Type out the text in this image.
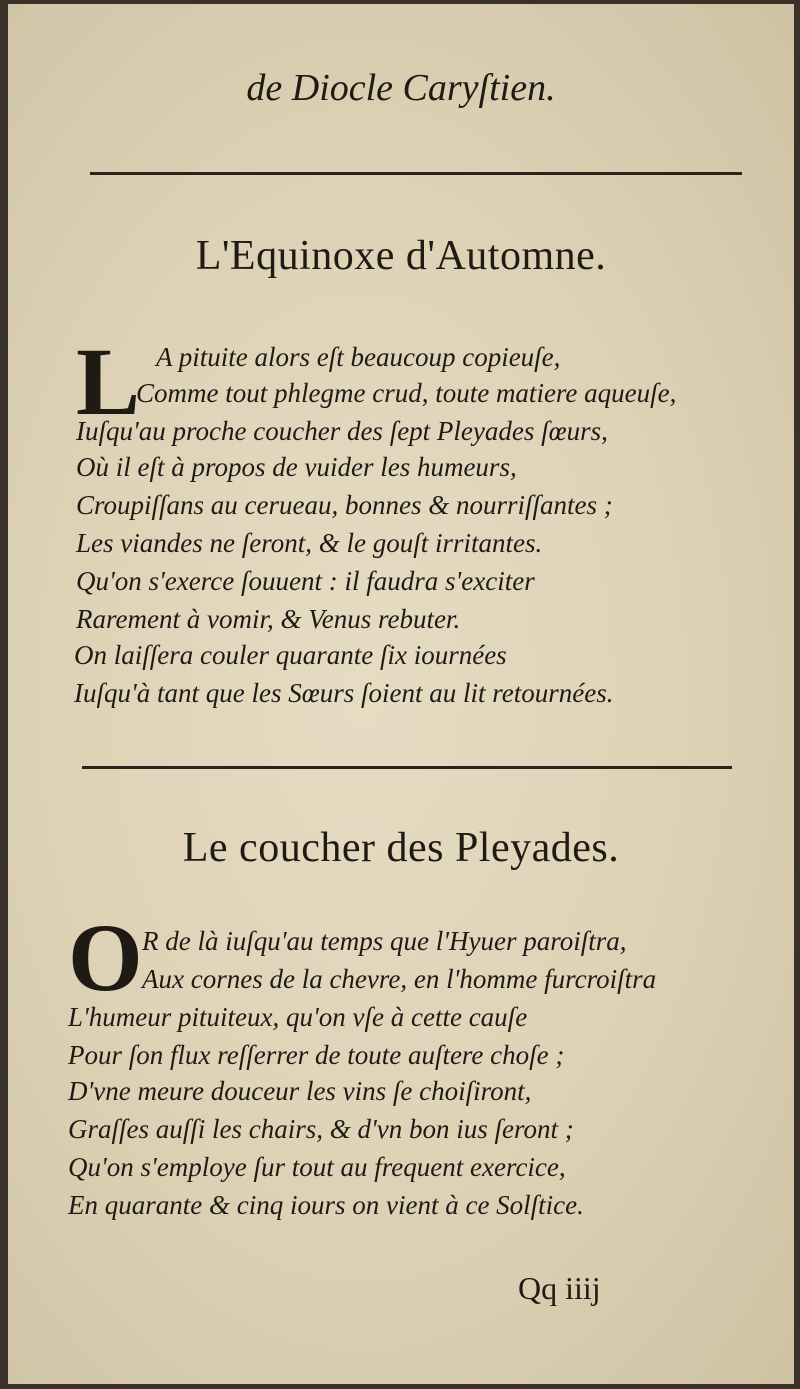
de Diocle Caryſtien.
L'Equinoxe d'Automne.
L A pituite alors eſt beaucoup copieuſe,
Comme tout phlegme crud, toute matiere aqueuſe,
Iuſqu'au proche coucher des ſept Pleyades ſœurs,
Où il eſt à propos de vuider les humeurs,
Croupiſſans au cerueau, bonnes & nourriſſantes ;
Les viandes ne ſeront, & le gouſt irritantes.
Qu'on s'exerce ſouuent : il faudra s'exciter
Rarement à vomir, & Venus rebuter.
On laiſſera couler quarante ſix iournées
Iuſqu'à tant que les Sœurs ſoient au lit retournées.
Le coucher des Pleyades.
O R de là iuſqu'au temps que l'Hyuer paroiſtra,
Aux cornes de la chevre, en l'homme furcroiſtra
L'humeur pituiteux, qu'on vſe à cette cauſe
Pour ſon flux reſſerrer de toute auſtere choſe ;
D'vne meure douceur les vins ſe choiſiront,
Graſſes auſſi les chairs, & d'vn bon ius ſeront ;
Qu'on s'employe ſur tout au frequent exercice,
En quarante & cinq iours on vient à ce Solſtice.
Qq iiij
